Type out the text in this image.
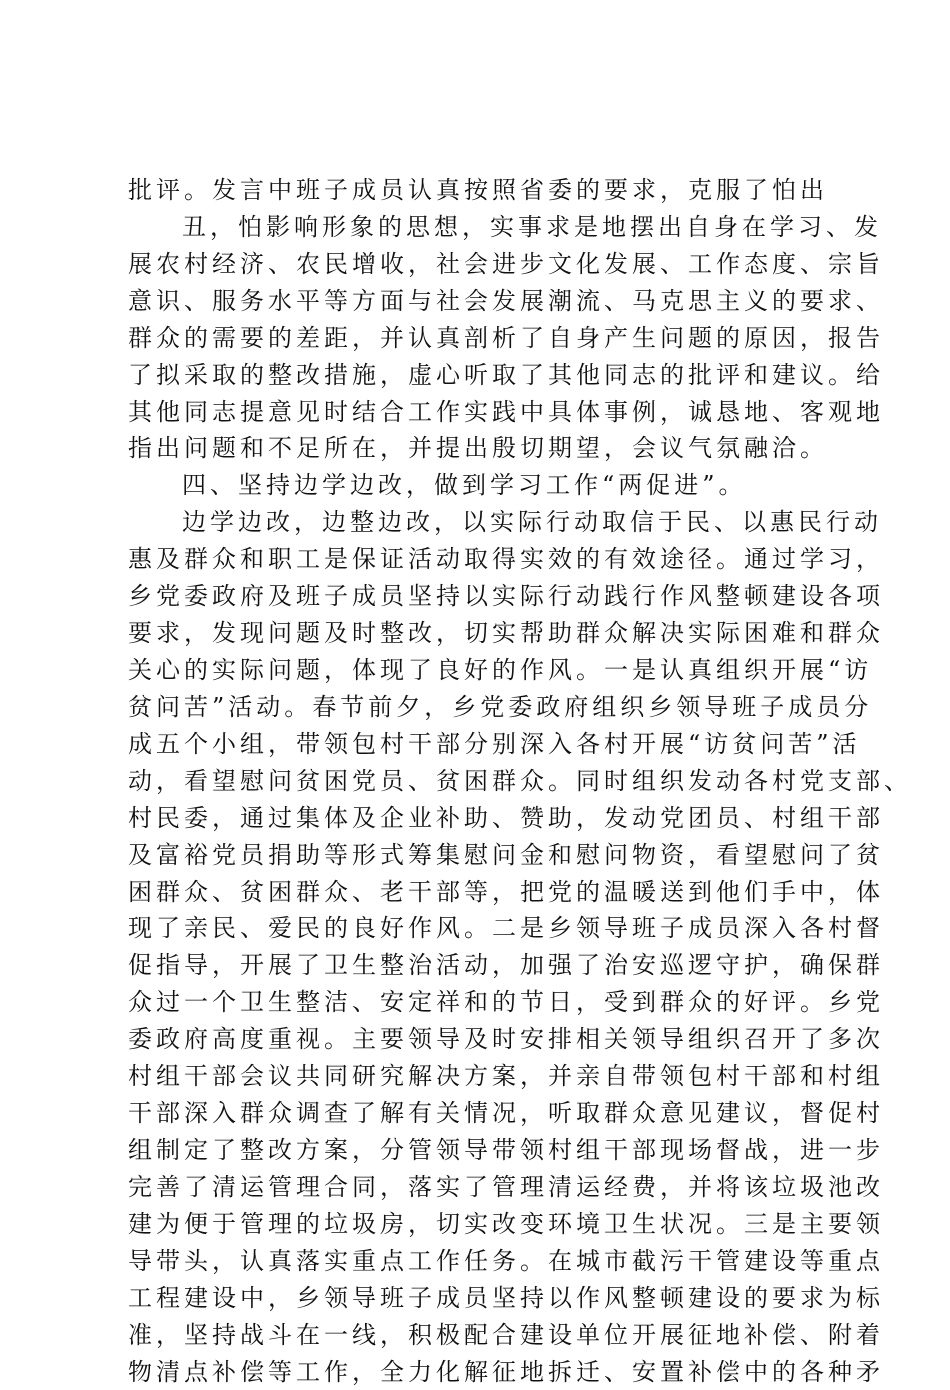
批评。发言中班子成员认真按照省委的要求，克服了怕出
丑，怕影响形象的思想，实事求是地摆出自身在学习、发
展农村经济、农民增收，社会进步文化发展、工作态度、宗旨
意识、服务水平等方面与社会发展潮流、马克思主义的要求、
群众的需要的差距，并认真剖析了自身产生问题的原因，报告
了拟采取的整改措施，虚心听取了其他同志的批评和建议。给
其他同志提意见时结合工作实践中具体事例，诚恳地、客观地
指出问题和不足所在，并提出殷切期望，会议气氛融洽。
四、坚持边学边改，做到学习工作“两促进”。
边学边改，边整边改，以实际行动取信于民、以惠民行动
惠及群众和职工是保证活动取得实效的有效途径。通过学习，
乡党委政府及班子成员坚持以实际行动践行作风整顿建设各项
要求，发现问题及时整改，切实帮助群众解决实际困难和群众
关心的实际问题，体现了良好的作风。一是认真组织开展“访
贫问苦”活动。春节前夕，乡党委政府组织乡领导班子成员分
成五个小组，带领包村干部分别深入各村开展“访贫问苦”活
动，看望慰问贫困党员、贫困群众。同时组织发动各村党支部、
村民委，通过集体及企业补助、赞助，发动党团员、村组干部
及富裕党员捐助等形式筹集慰问金和慰问物资，看望慰问了贫
困群众、贫困群众、老干部等，把党的温暖送到他们手中，体
现了亲民、爱民的良好作风。二是乡领导班子成员深入各村督
促指导，开展了卫生整治活动，加强了治安巡逻守护，确保群
众过一个卫生整洁、安定祥和的节日，受到群众的好评。乡党
委政府高度重视。主要领导及时安排相关领导组织召开了多次
村组干部会议共同研究解决方案，并亲自带领包村干部和村组
干部深入群众调查了解有关情况，听取群众意见建议，督促村
组制定了整改方案，分管领导带领村组干部现场督战，进一步
完善了清运管理合同，落实了管理清运经费，并将该垃圾池改
建为便于管理的垃圾房，切实改变环境卫生状况。三是主要领
导带头，认真落实重点工作任务。在城市截污干管建设等重点
工程建设中，乡领导班子成员坚持以作风整顿建设的要求为标
准，坚持战斗在一线，积极配合建设单位开展征地补偿、附着
物清点补偿等工作，全力化解征地拆迁、安置补偿中的各种矛
